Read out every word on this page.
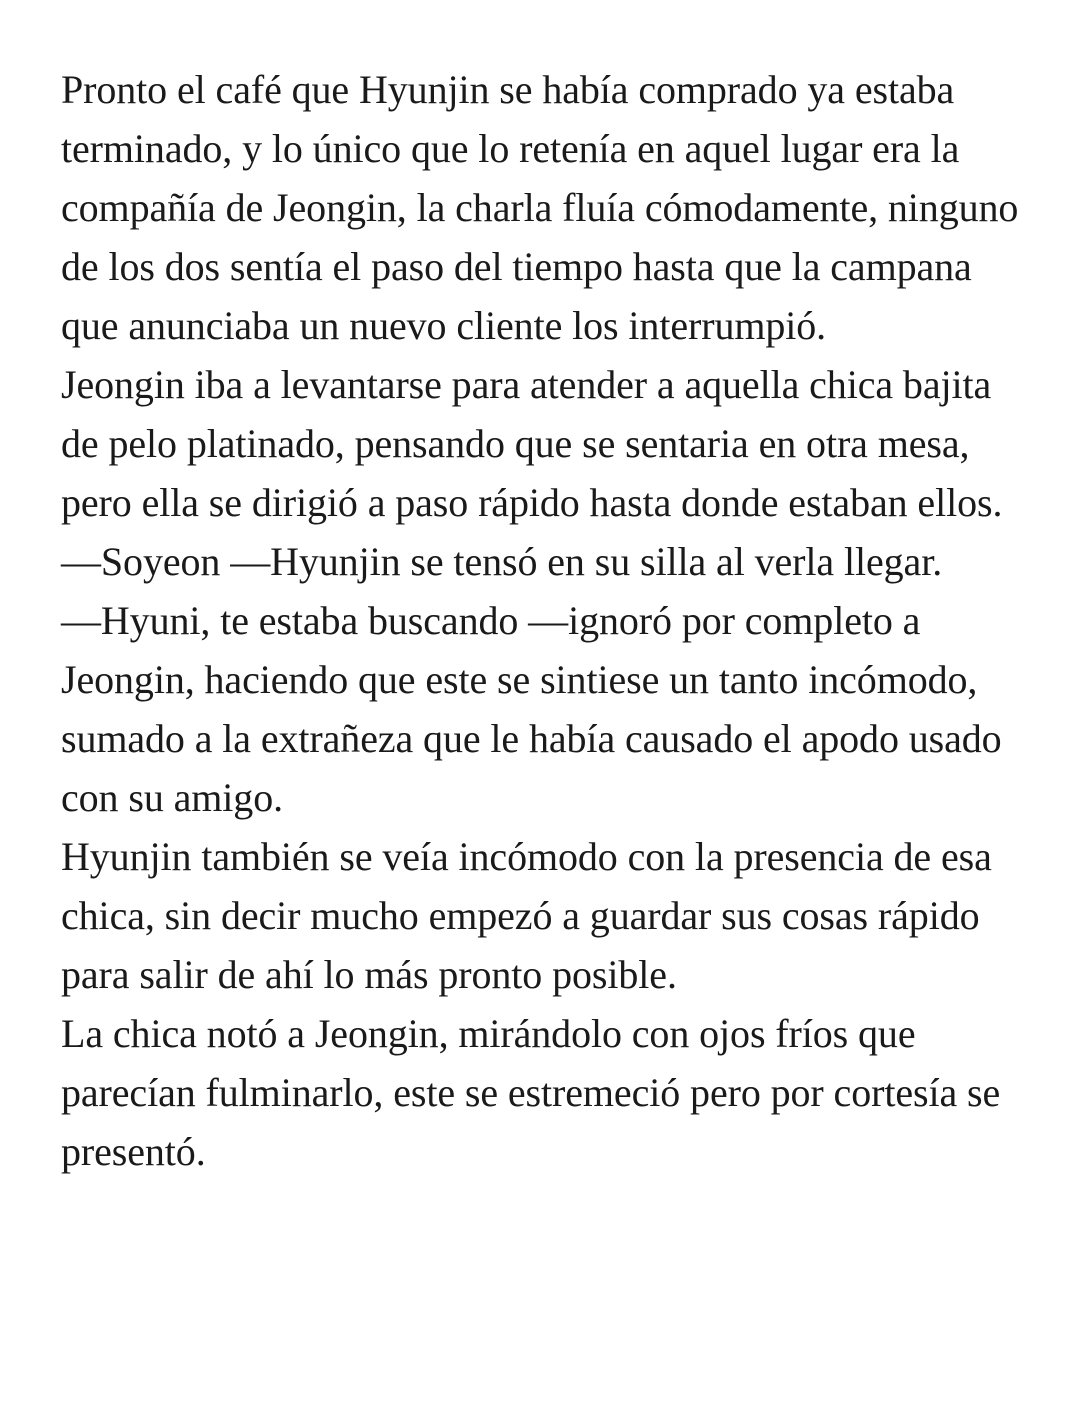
Pronto el café que Hyunjin se había comprado ya estaba terminado, y lo único que lo retenía en aquel lugar era la compañía de Jeongin, la charla fluía cómodamente, ninguno de los dos sentía el paso del tiempo hasta que la campana que anunciaba un nuevo cliente los interrumpió.

Jeongin iba a levantarse para atender a aquella chica bajita de pelo platinado, pensando que se sentaria en otra mesa, pero ella se dirigió a paso rápido hasta donde estaban ellos.

—Soyeon —Hyunjin se tensó en su silla al verla llegar.

—Hyuni, te estaba buscando —ignoró por completo a Jeongin, haciendo que este se sintiese un tanto incómodo, sumado a la extrañeza que le había causado el apodo usado con su amigo.

Hyunjin también se veía incómodo con la presencia de esa chica, sin decir mucho empezó a guardar sus cosas rápido para salir de ahí lo más pronto posible.

La chica notó a Jeongin, mirándolo con ojos fríos que parecían fulminarlo, este se estremeció pero por cortesía se presentó.
